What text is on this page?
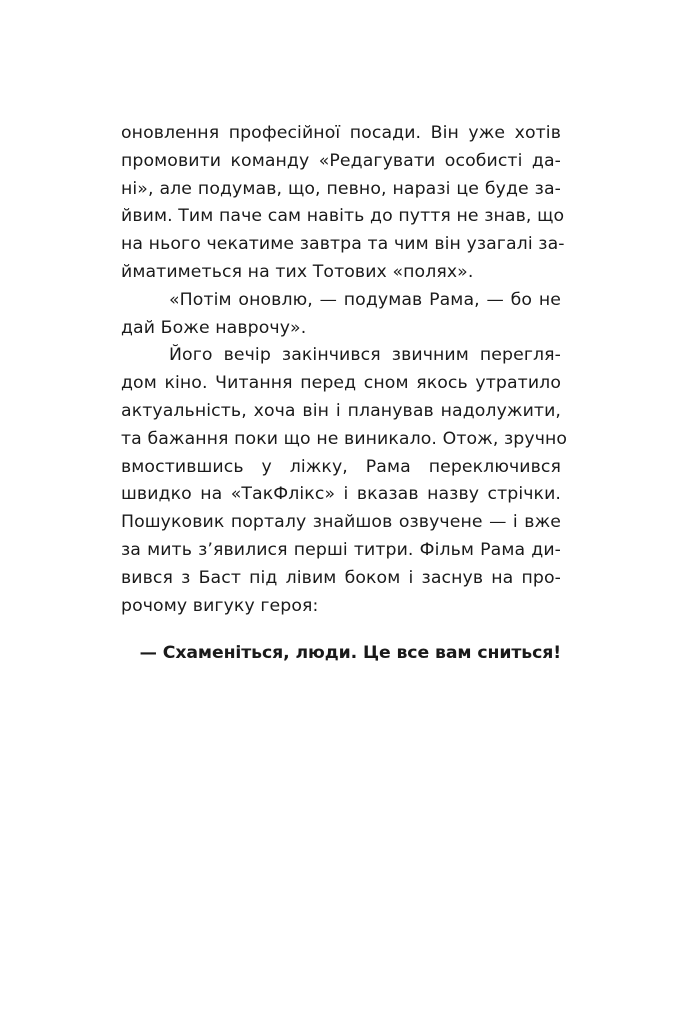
оновлення професійної посади. Він уже хотів
промовити команду «Редагувати особисті да-
ні», але подумав, що, певно, наразі це буде за-
йвим. Тим паче сам навіть до пуття не знав, що
на нього чекатиме завтра та чим він узагалі за-
йматиметься на тих Тотових «полях».
«Потім оновлю, — подумав Рама, — бо не
дай Боже наврочу».
Його вечір закінчився звичним перегля-
дом кіно. Читання перед сном якось утратило
актуальність, хоча він і планував надолужити,
та бажання поки що не виникало. Отож, зручно
вмостившись у ліжку, Рама переключився
швидко на «ТакФлікс» і вказав назву стрічки.
Пошуковик порталу знайшов озвучене — і вже
за мить з’явилися перші титри. Фільм Рама ди-
вився з Баст під лівим боком і заснув на про-
рочому вигуку героя:
— Схаменіться, люди. Це все вам сниться!
